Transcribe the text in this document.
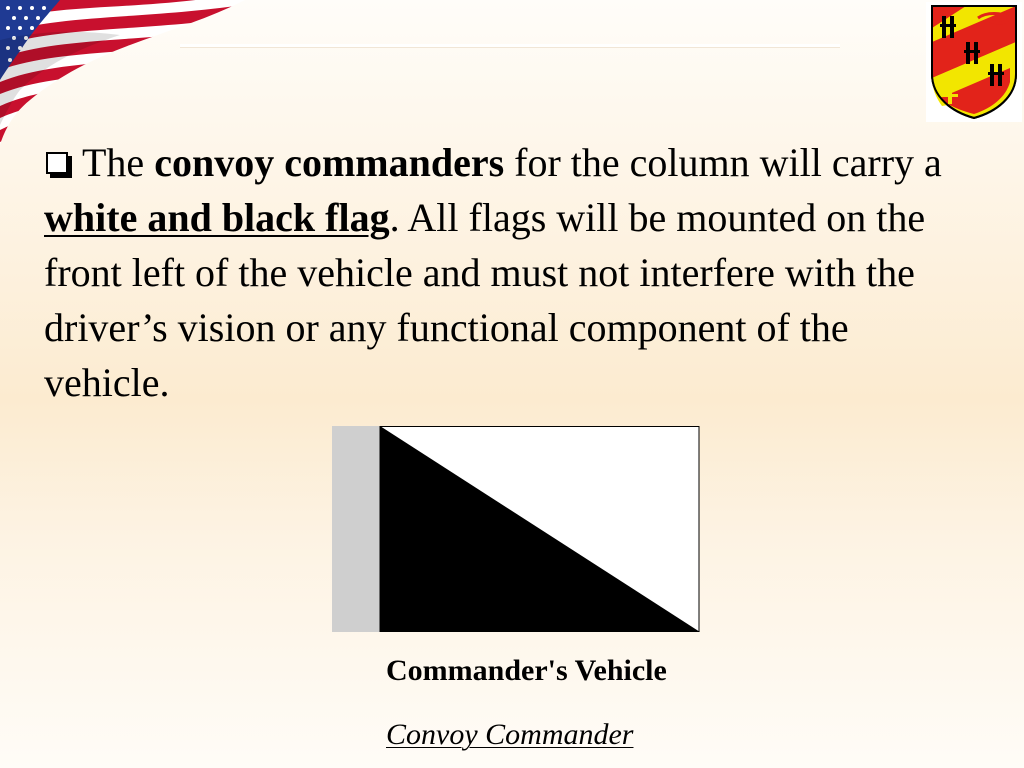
The convoy commanders for the column will carry a white and black flag. All flags will be mounted on the front left of the vehicle and must not interfere with the driver’s vision or any functional component of the vehicle.

Commander's Vehicle
Convoy Commander
